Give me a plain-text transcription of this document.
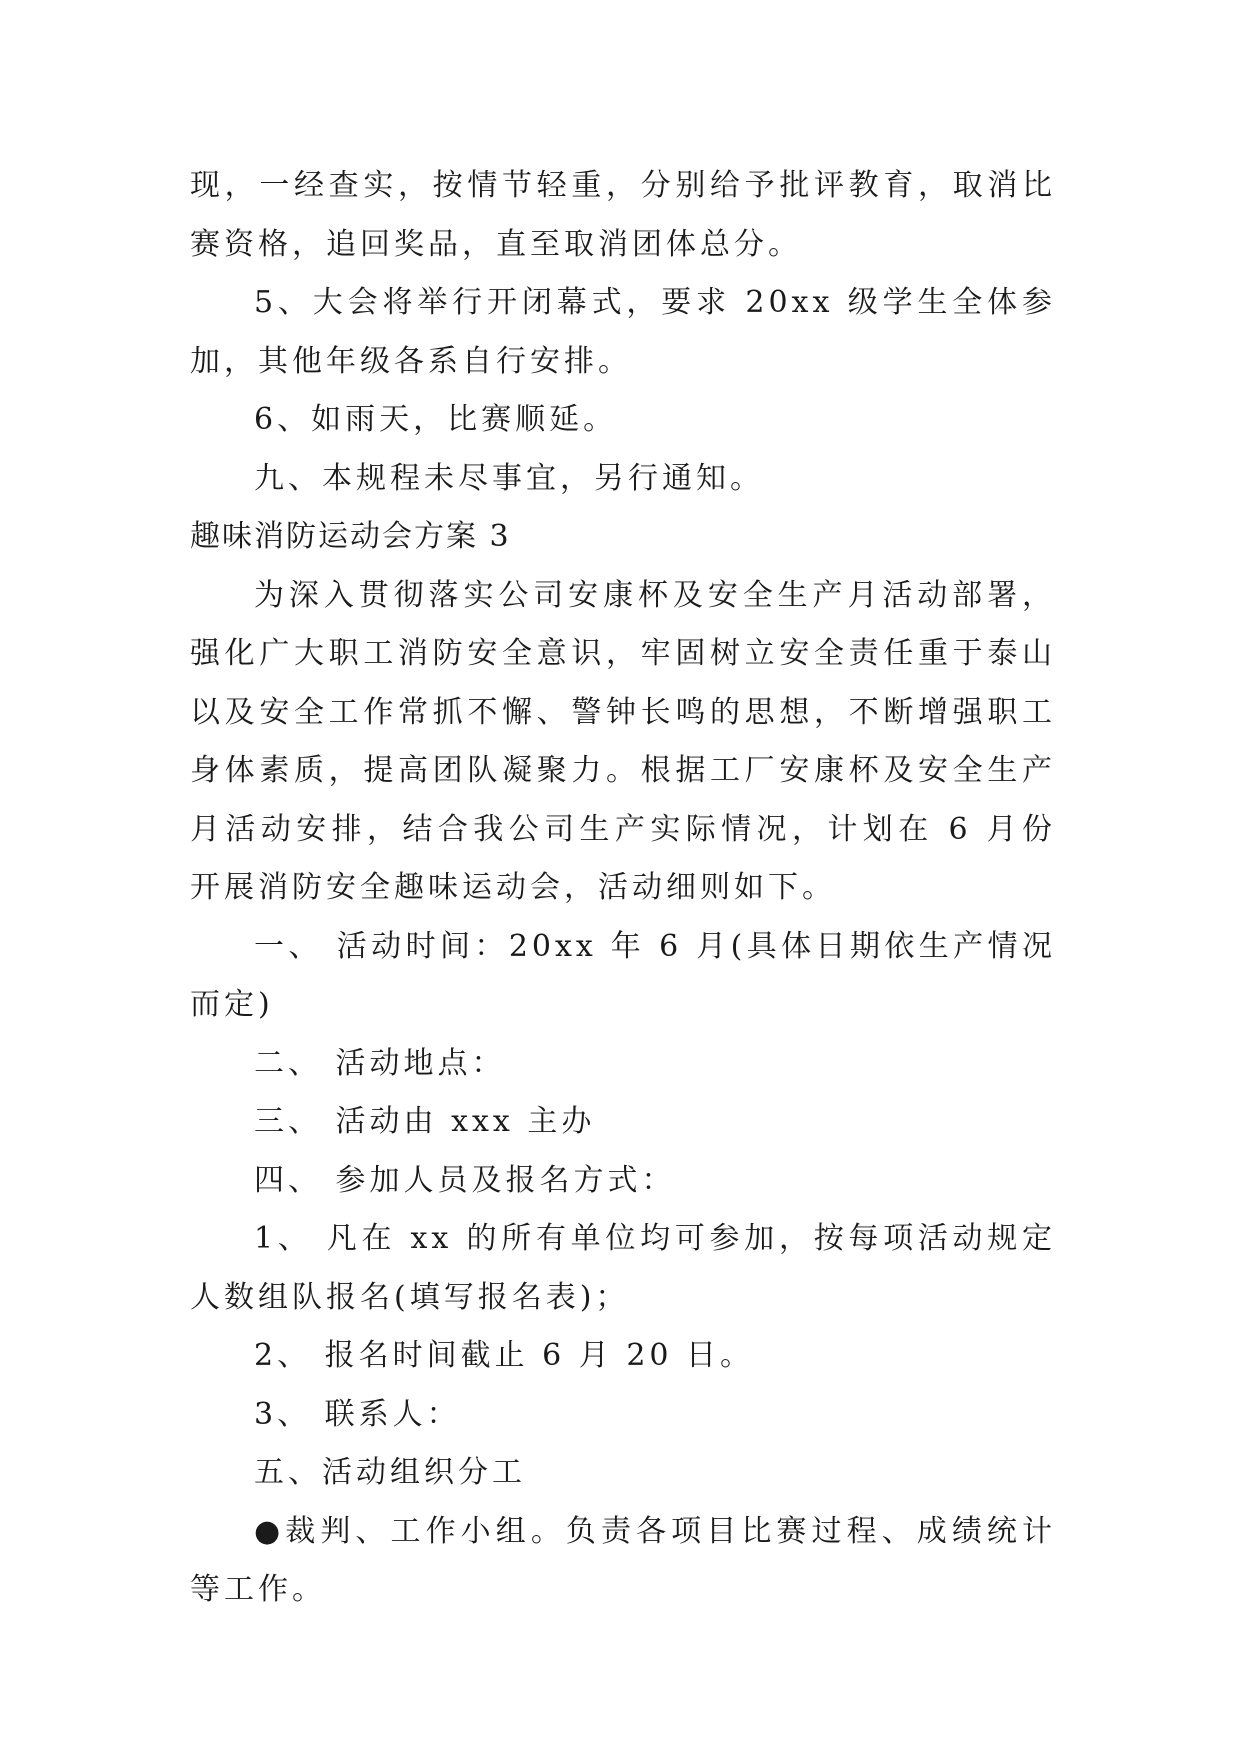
现，一经查实，按情节轻重，分别给予批评教育，取消比赛资格，追回奖品，直至取消团体总分。

5、大会将举行开闭幕式，要求 20xx 级学生全体参加，其他年级各系自行安排。

6、如雨天，比赛顺延。

九、本规程未尽事宜，另行通知。

趣味消防运动会方案 3

为深入贯彻落实公司安康杯及安全生产月活动部署，强化广大职工消防安全意识，牢固树立安全责任重于泰山以及安全工作常抓不懈、警钟长鸣的思想，不断增强职工身体素质，提高团队凝聚力。根据工厂安康杯及安全生产月活动安排，结合我公司生产实际情况，计划在 6 月份开展消防安全趣味运动会，活动细则如下。

一、 活动时间：20xx 年 6 月(具体日期依生产情况而定)

二、 活动地点：

三、 活动由 xxx 主办

四、 参加人员及报名方式：

1、 凡在 xx 的所有单位均可参加，按每项活动规定人数组队报名(填写报名表)；

2、 报名时间截止 6 月 20 日。

3、 联系人：

五、活动组织分工

●裁判、工作小组。负责各项目比赛过程、成绩统计等工作。
